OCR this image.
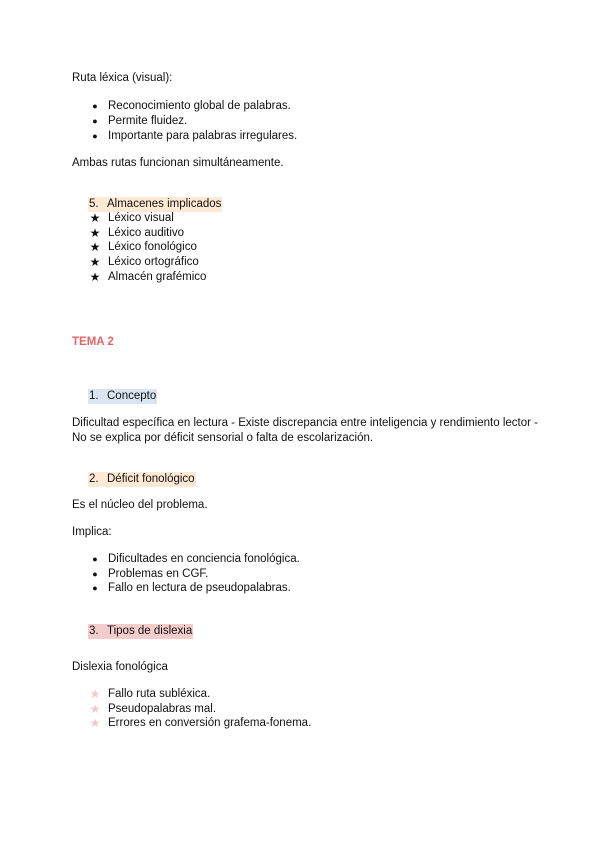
Ruta léxica (visual):
● Reconocimiento global de palabras.
● Permite fluidez.
● Importante para palabras irregulares.
Ambas rutas funcionan simultáneamente.
5. Almacenes implicados
★ Léxico visual
★ Léxico auditivo
★ Léxico fonológico
★ Léxico ortográfico
★ Almacén grafémico
TEMA 2
1. Concepto
Dificultad específica en lectura - Existe discrepancia entre inteligencia y rendimiento lector - No se explica por déficit sensorial o falta de escolarización.
2. Déficit fonológico
Es el núcleo del problema.
Implica:
● Dificultades en conciencia fonológica.
● Problemas en CGF.
● Fallo en lectura de pseudopalabras.
3. Tipos de dislexia
Dislexia fonológica
★ Fallo ruta subléxica.
★ Pseudopalabras mal.
★ Errores en conversión grafema-fonema.
